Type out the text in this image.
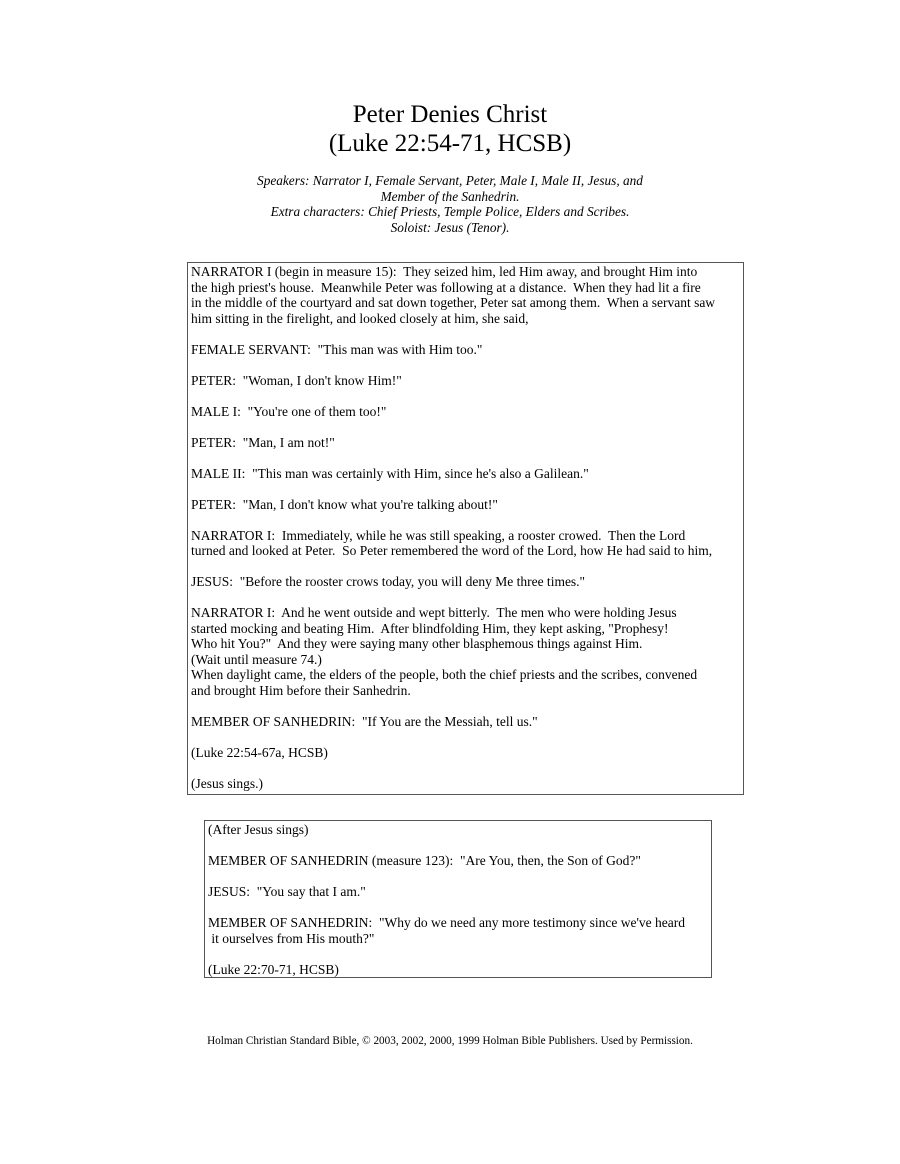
Peter Denies Christ
(Luke 22:54-71, HCSB)
Speakers: Narrator I, Female Servant, Peter, Male I, Male II, Jesus, and
Member of the Sanhedrin.
Extra characters: Chief Priests, Temple Police, Elders and Scribes.
Soloist: Jesus (Tenor).
NARRATOR I (begin in measure 15):  They seized him, led Him away, and brought Him into
the high priest's house.  Meanwhile Peter was following at a distance.  When they had lit a fire
in the middle of the courtyard and sat down together, Peter sat among them.  When a servant saw
him sitting in the firelight, and looked closely at him, she said,
FEMALE SERVANT:  "This man was with Him too."
PETER:  "Woman, I don't know Him!"
MALE I:  "You're one of them too!"
PETER:  "Man, I am not!"
MALE II:  "This man was certainly with Him, since he's also a Galilean."
PETER:  "Man, I don't know what you're talking about!"
NARRATOR I:  Immediately, while he was still speaking, a rooster crowed.  Then the Lord
turned and looked at Peter.  So Peter remembered the word of the Lord, how He had said to him,
JESUS:  "Before the rooster crows today, you will deny Me three times."
NARRATOR I:  And he went outside and wept bitterly.  The men who were holding Jesus
started mocking and beating Him.  After blindfolding Him, they kept asking, "Prophesy!
Who hit You?"  And they were saying many other blasphemous things against Him.
(Wait until measure 74.)
When daylight came, the elders of the people, both the chief priests and the scribes, convened
and brought Him before their Sanhedrin.
MEMBER OF SANHEDRIN:  "If You are the Messiah, tell us."
(Luke 22:54-67a, HCSB)
(Jesus sings.)
(After Jesus sings)
MEMBER OF SANHEDRIN (measure 123):  "Are You, then, the Son of God?"
JESUS:  "You say that I am."
MEMBER OF SANHEDRIN:  "Why do we need any more testimony since we've heard
it ourselves from His mouth?"
(Luke 22:70-71, HCSB)
Holman Christian Standard Bible, © 2003, 2002, 2000, 1999 Holman Bible Publishers. Used by Permission.
